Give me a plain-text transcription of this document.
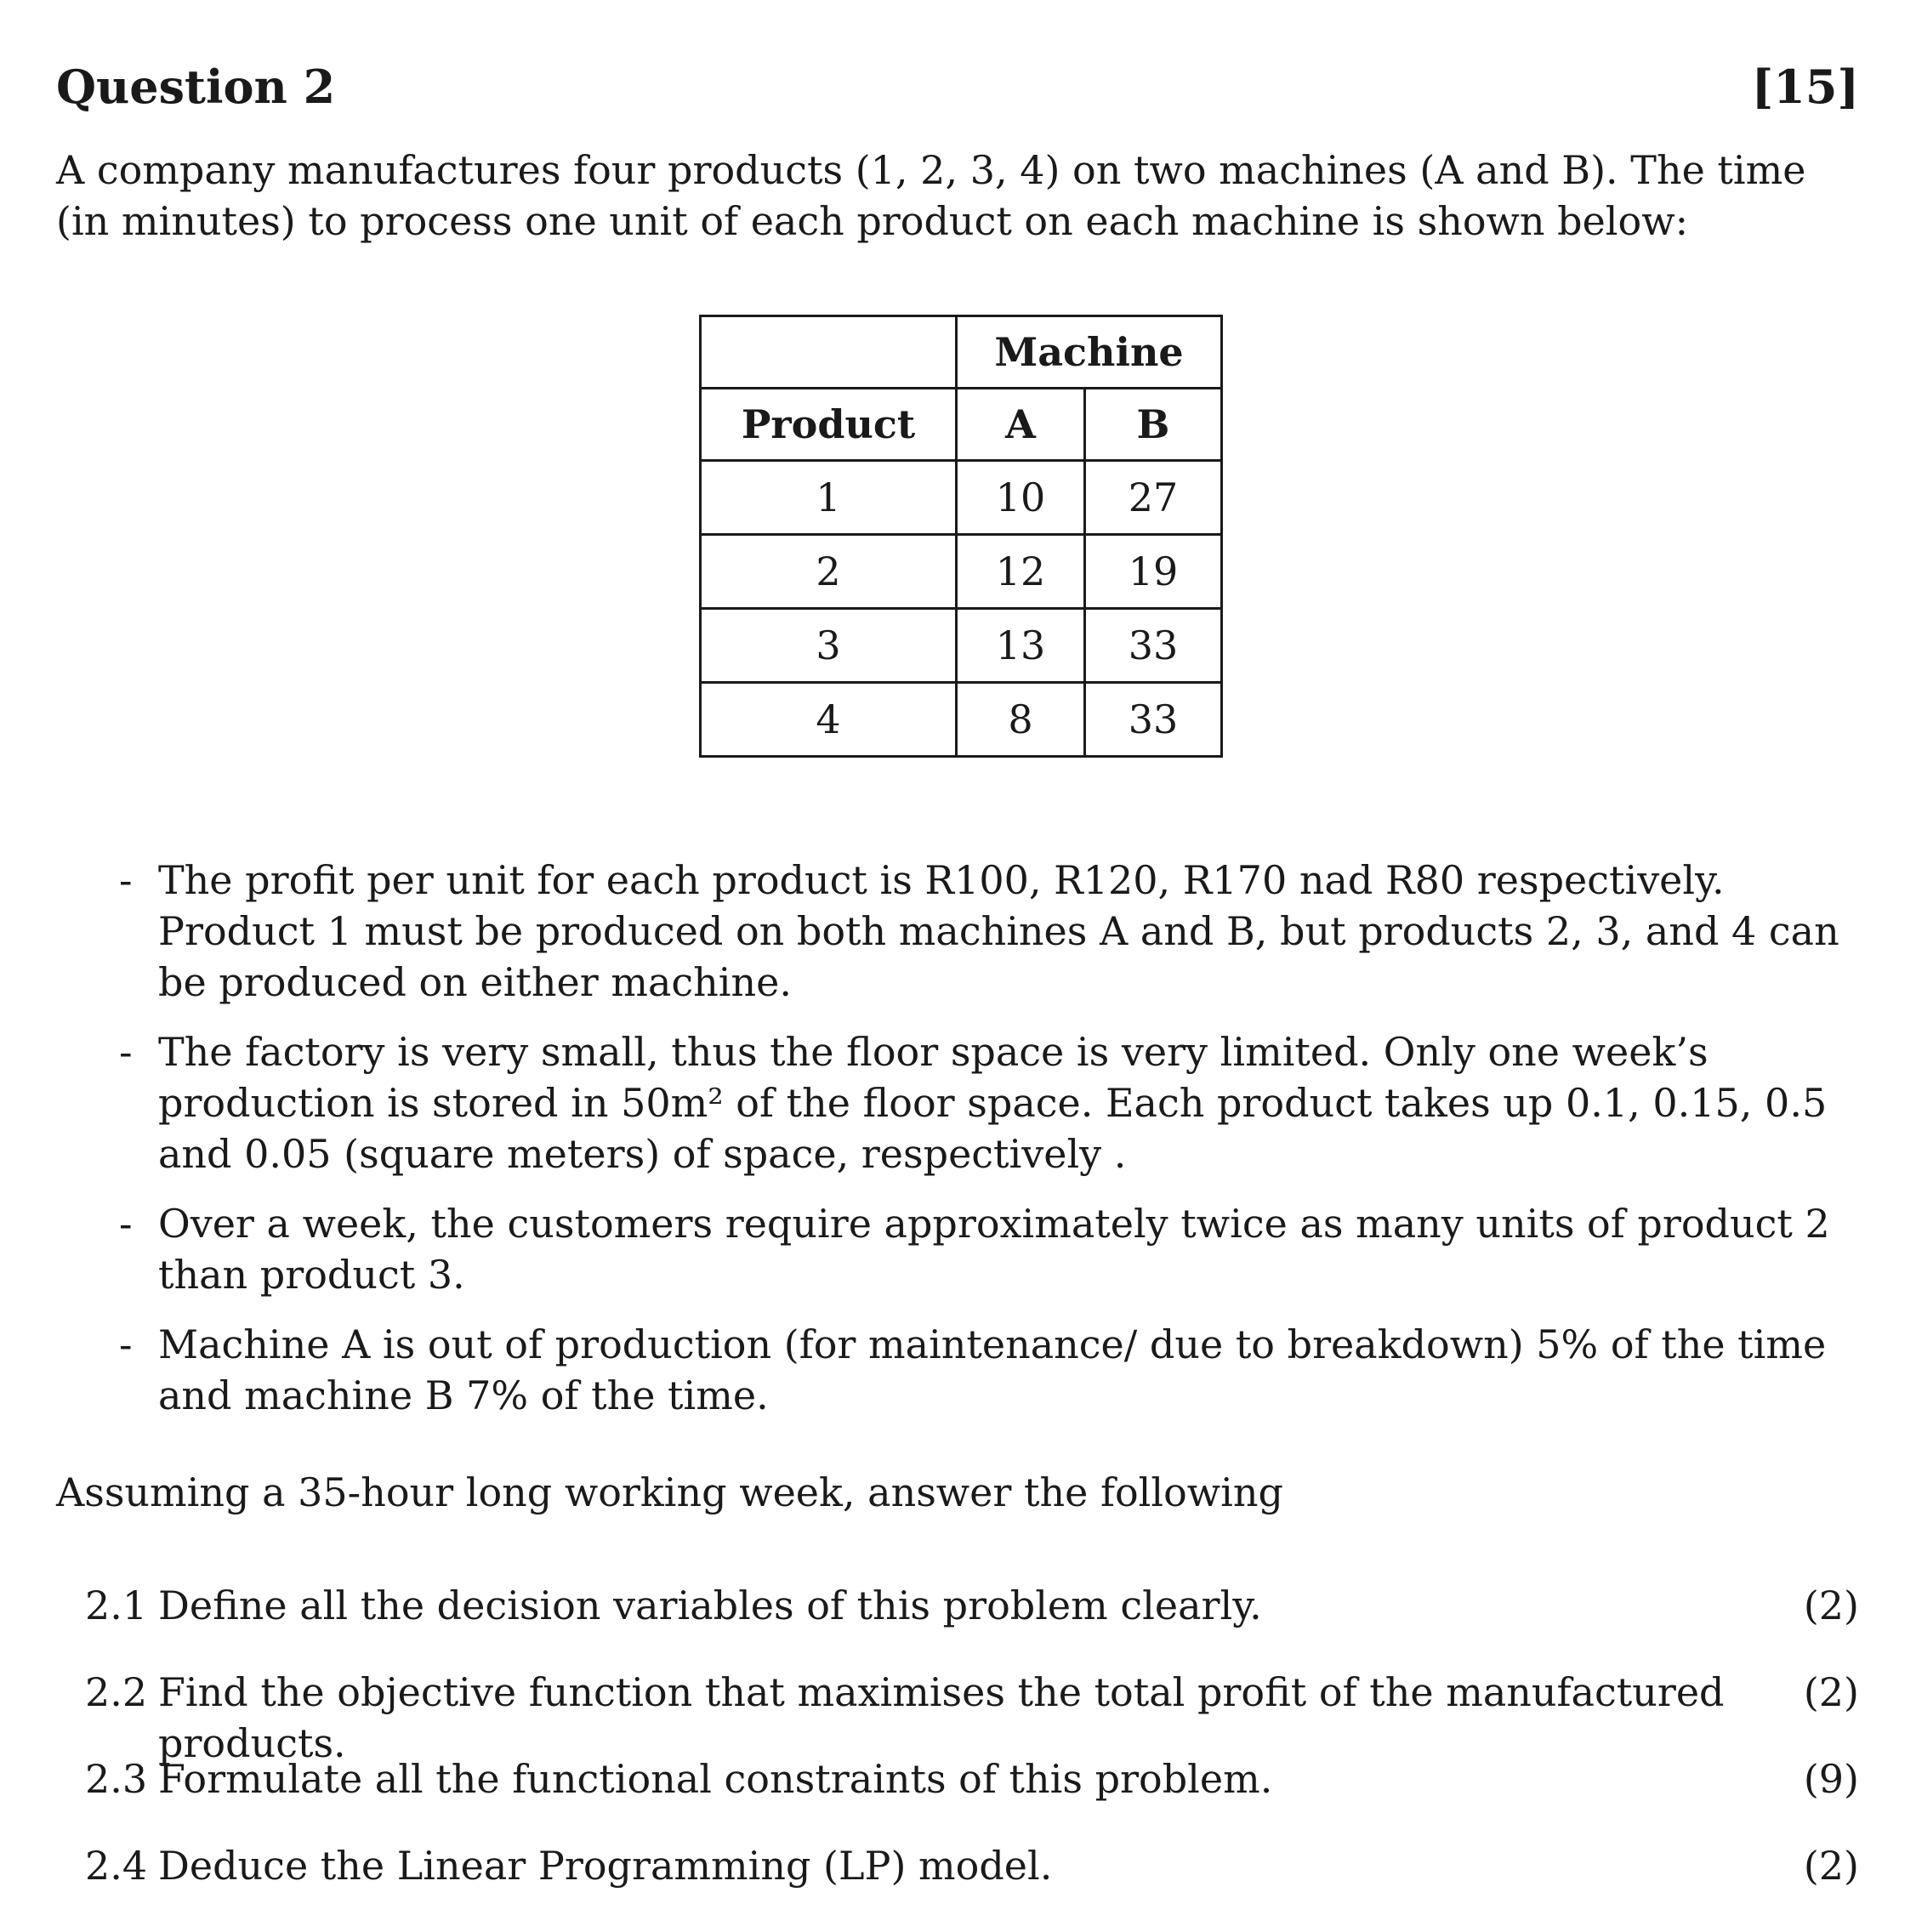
Question 2	[15]
A company manufactures four products (1, 2, 3, 4) on two machines (A and B). The time (in minutes) to process one unit of each product on each machine is shown below:
	Machine	
Product	A	B
1	10	27
2	12	19
3	13	33
4	8	33
- The profit per unit for each product is R100, R120, R170 nad R80 respectively. Product 1 must be produced on both machines A and B, but products 2, 3, and 4 can be produced on either machine.
- The factory is very small, thus the floor space is very limited. Only one week’s production is stored in 50m² of the floor space. Each product takes up 0.1, 0.15, 0.5 and 0.05 (square meters) of space, respectively .
- Over a week, the customers require approximately twice as many units of product 2 than product 3.
- Machine A is out of production (for maintenance/ due to breakdown) 5% of the time and machine B 7% of the time.
Assuming a 35-hour long working week, answer the following
2.1 Define all the decision variables of this problem clearly.	(2)
2.2 Find the objective function that maximises the total profit of the manufactured products.
(2)
2.3 Formulate all the functional constraints of this problem.	(9)
2.4 Deduce the Linear Programming (LP) model.	(2)
